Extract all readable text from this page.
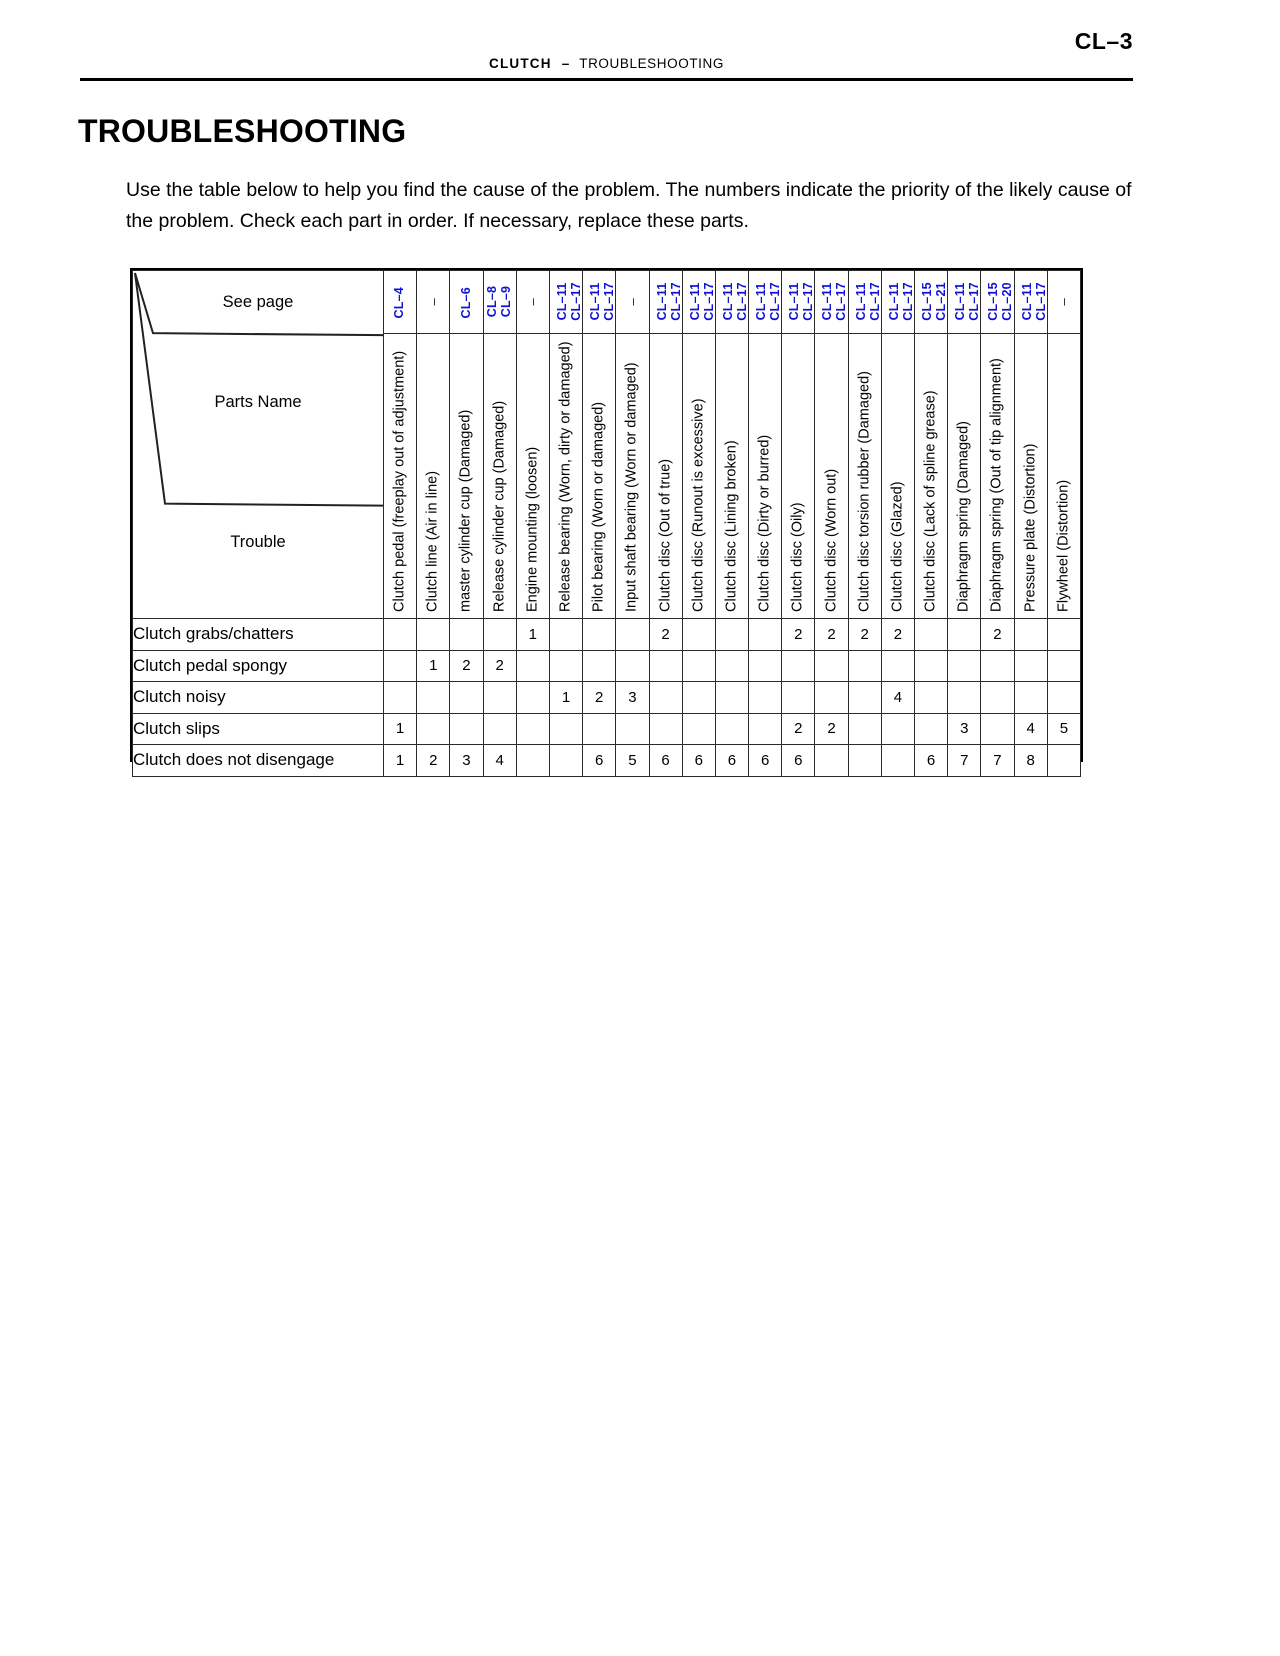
CL–3
CLUTCH – TROUBLESHOOTING
TROUBLESHOOTING

Use the table below to help you find the cause of the problem. The numbers indicate the priority of the likely cause of the problem. Check each part in order. If necessary, replace these parts.

See page
Parts Name
Trouble

CL–4	–	CL–6	CL–8 CL–9	–	CL–11 CL–17	CL–11 CL–17	–	CL–11 CL–17	CL–11 CL–17	CL–11 CL–17	CL–11 CL–17	CL–11 CL–17	CL–11 CL–17	CL–11 CL–17	CL–11 CL–17	CL–15 CL–21	CL–11 CL–17	CL–15 CL–20	CL–11 CL–17	–

	Clutch pedal (freeplay out of adjustment)	Clutch line (Air in line)	master cylinder cup (Damaged)	Release cylinder cup (Damaged)	Engine mounting (loosen)	Release bearing (Worn, dirty or damaged)	Pilot bearing (Worn or damaged)	Input shaft bearing (Worn or damaged)	Clutch disc (Out of true)	Clutch disc (Runout is excessive)	Clutch disc (Lining broken)	Clutch disc (Dirty or burred)	Clutch disc (Oily)	Clutch disc (Worn out)	Clutch disc torsion rubber (Damaged)	Clutch disc (Glazed)	Clutch disc (Lack of spline grease)	Diaphragm spring (Damaged)	Diaphragm spring (Out of tip alignment)	Pressure plate (Distortion)	Flywheel (Distortion)

Clutch grabs/chatters					1				2				2	2	2	2			2		
Clutch pedal spongy		1	2	2																	
Clutch noisy						1	2	3								4					
Clutch slips	1												2	2				3		4	5
Clutch does not disengage	1	2	3	4			6	5	6	6	6	6	6				6	7	7	8	
